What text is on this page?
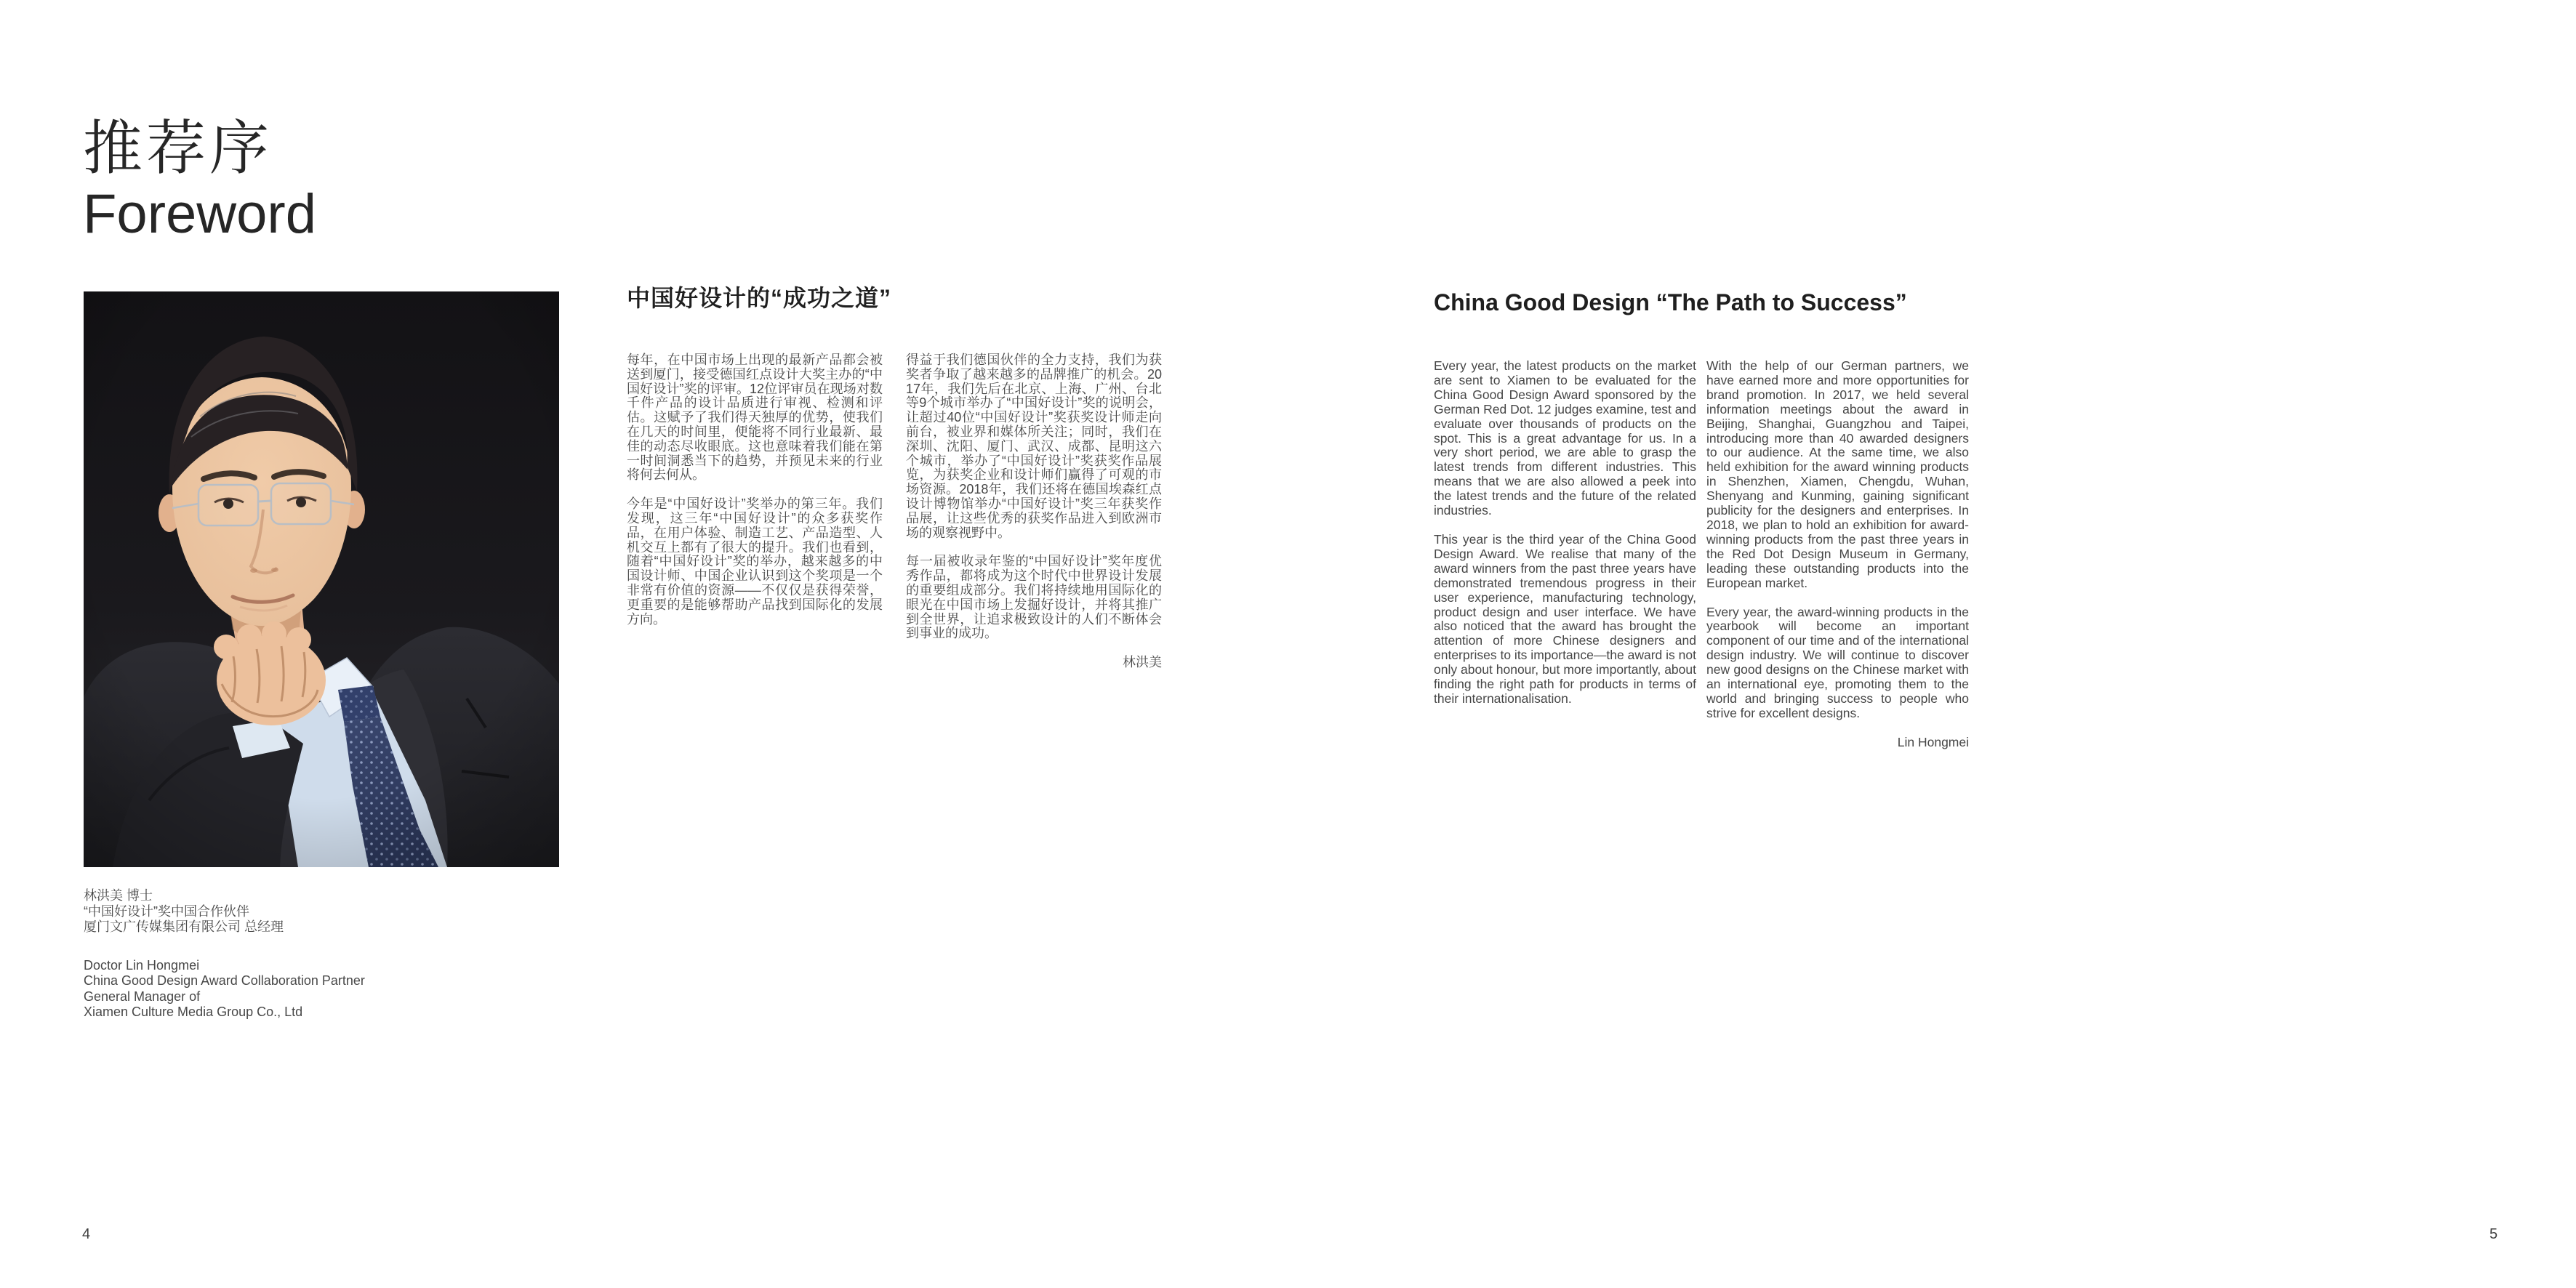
推荐序
Foreword
林洪美 博士
“中国好设计”奖中国合作伙伴
厦门文广传媒集团有限公司 总经理
Doctor Lin Hongmei
China Good Design Award Collaboration Partner
General Manager of
Xiamen Culture Media Group Co., Ltd
中国好设计的“成功之道”

每年，在中国市场上出现的最新产品都会被送到厦门，接受德国红点设计大奖主办的“中国好设计”奖的评审。12位评审员在现场对数千件产品的设计品质进行审视、检测和评估。这赋予了我们得天独厚的优势，使我们在几天的时间里，便能将不同行业最新、最佳的动态尽收眼底。这也意味着我们能在第一时间洞悉当下的趋势，并预见未来的行业将何去何从。

今年是“中国好设计”奖举办的第三年。我们发现，这三年“中国好设计”的众多获奖作品，在用户体验、制造工艺、产品造型、人机交互上都有了很大的提升。我们也看到，随着“中国好设计”奖的举办，越来越多的中国设计师、中国企业认识到这个奖项是一个非常有价值的资源——不仅仅是获得荣誉，更重要的是能够帮助产品找到国际化的发展方向。

得益于我们德国伙伴的全力支持，我们为获奖者争取了越来越多的品牌推广的机会。2017年，我们先后在北京、上海、广州、台北等9个城市举办了“中国好设计”奖的说明会，让超过40位“中国好设计”奖获奖设计师走向前台，被业界和媒体所关注；同时，我们在深圳、沈阳、厦门、武汉、成都、昆明这六个城市，举办了“中国好设计”奖获奖作品展览，为获奖企业和设计师们赢得了可观的市场资源。2018年，我们还将在德国埃森红点设计博物馆举办“中国好设计”奖三年获奖作品展，让这些优秀的获奖作品进入到欧洲市场的观察视野中。

每一届被收录年鉴的“中国好设计”奖年度优秀作品，都将成为这个时代中世界设计发展的重要组成部分。我们将持续地用国际化的眼光在中国市场上发掘好设计，并将其推广到全世界，让追求极致设计的人们不断体会到事业的成功。

林洪美

China Good Design “The Path to Success”

Every year, the latest products on the market are sent to Xiamen to be evaluated for the China Good Design Award sponsored by the German Red Dot. 12 judges examine, test and evaluate over thousands of products on the spot. This is a great advantage for us. In a very short period, we are able to grasp the latest trends from different industries. This means that we are also allowed a peek into the latest trends and the future of the related industries.

This year is the third year of the China Good Design Award. We realise that many of the award winners from the past three years have demonstrated tremendous progress in their user experience, manufacturing technology, product design and user interface. We have also noticed that the award has brought the attention of more Chinese designers and enterprises to its importance—the award is not only about honour, but more importantly, about finding the right path for products in terms of their internationalisation.

With the help of our German partners, we have earned more and more opportunities for brand promotion. In 2017, we held several information meetings about the award in Beijing, Shanghai, Guangzhou and Taipei, introducing more than 40 awarded designers to our audience. At the same time, we also held exhibition for the award winning products in Shenzhen, Xiamen, Chengdu, Wuhan, Shenyang and Kunming, gaining significant publicity for the designers and enterprises. In 2018, we plan to hold an exhibition for award-winning products from the past three years in the Red Dot Design Museum in Germany, leading these outstanding products into the European market.

Every year, the award-winning products in the yearbook will become an important component of our time and of the international design industry. We will continue to discover new good designs on the Chinese market with an international eye, promoting them to the world and bringing success to people who strive for excellent designs.

Lin Hongmei

4	5
